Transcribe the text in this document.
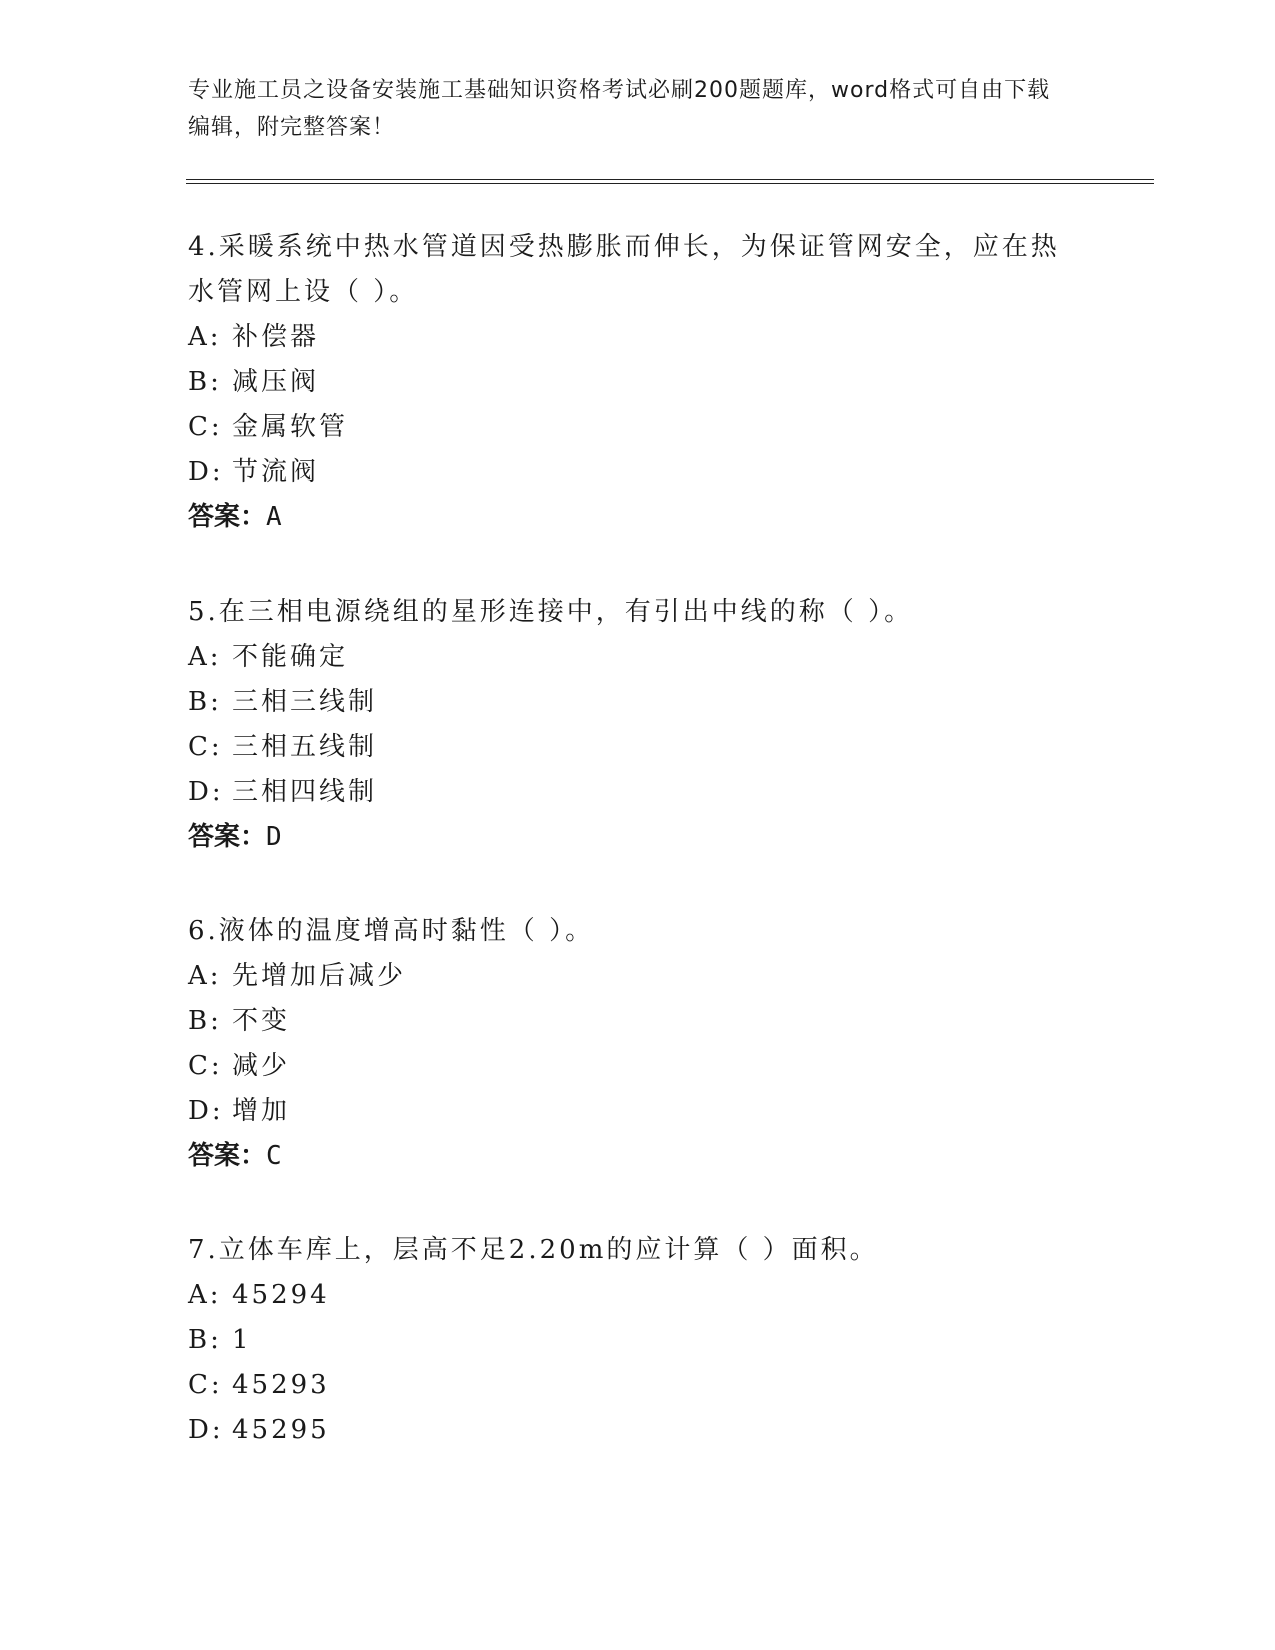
专业施工员之设备安装施工基础知识资格考试必刷200题题库，word格式可自由下载编辑，附完整答案！

4.采暖系统中热水管道因受热膨胀而伸长，为保证管网安全，应在热水管网上设（ ）。

A: 补偿器

B: 减压阀

C: 金属软管

D: 节流阀

答案：A

5.在三相电源绕组的星形连接中，有引出中线的称（ ）。

A: 不能确定

B: 三相三线制

C: 三相五线制

D: 三相四线制

答案：D

6.液体的温度增高时黏性（ ）。

A: 先增加后减少

B: 不变

C: 减少

D: 增加

答案：C

7.立体车库上，层高不足2.20m的应计算（ ）面积。

A: 45294

B: 1

C: 45293

D: 45295
